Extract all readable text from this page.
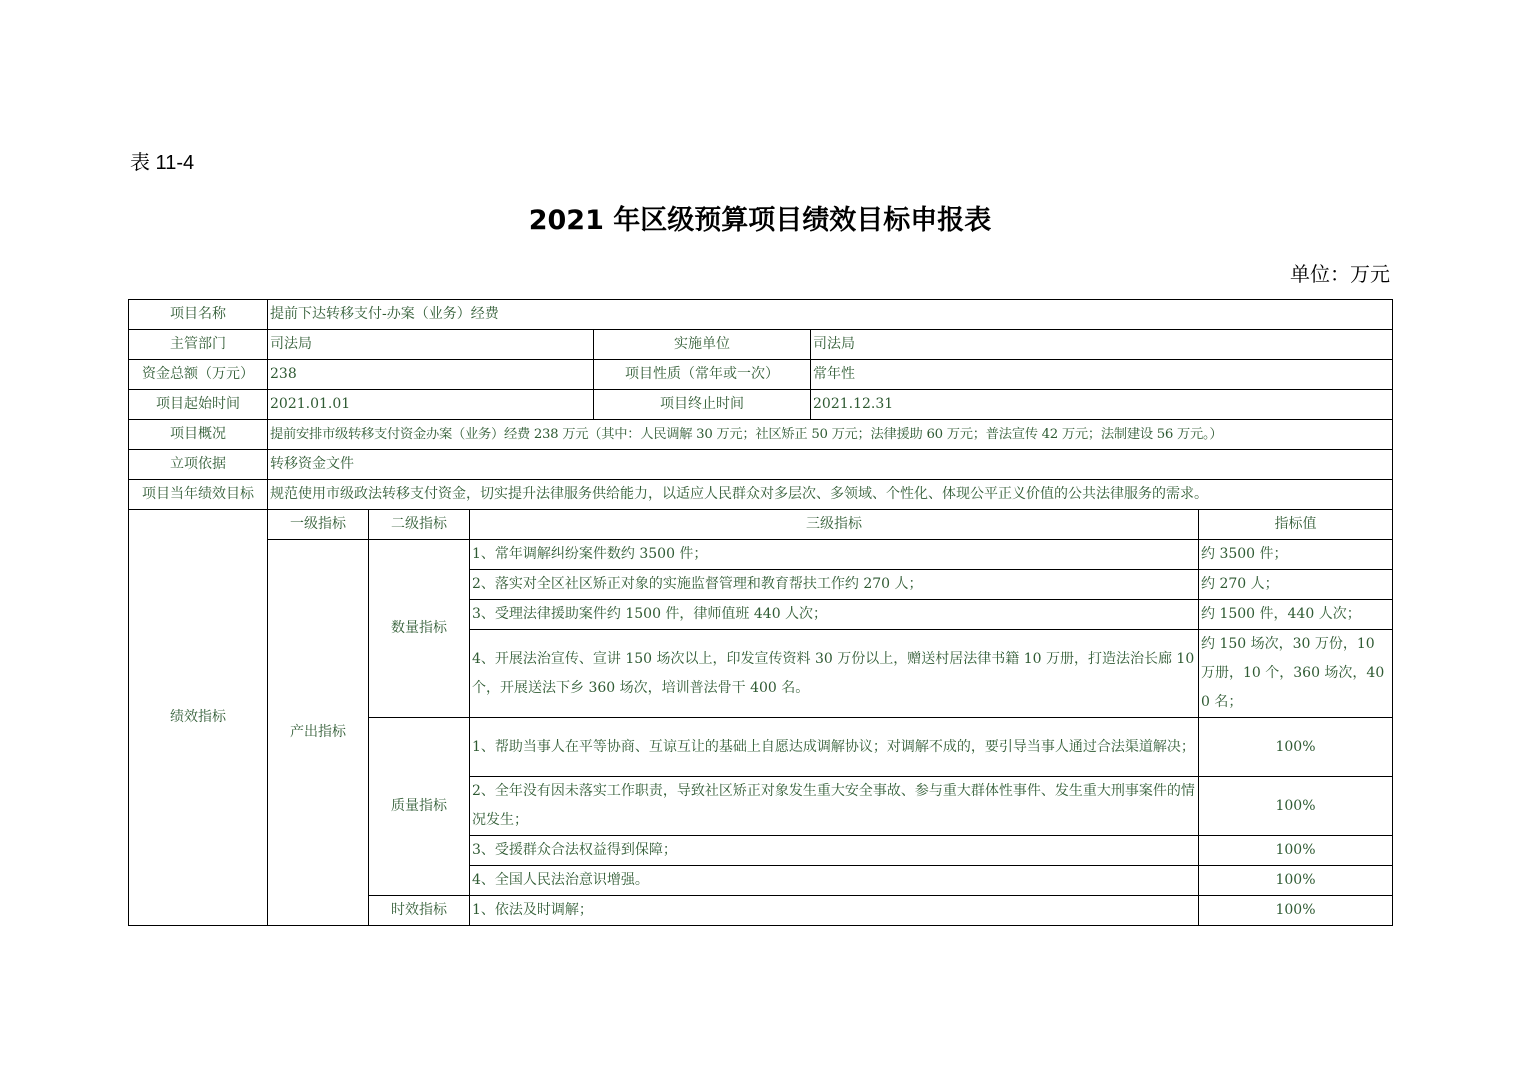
表 11-4
2021 年区级预算项目绩效目标申报表
单位：万元
项目名称	提前下达转移支付-办案（业务）经费					
主管部门	司法局			实施单位	司法局	
资金总额（万元）	238			项目性质（常年或一次）	常年性	
项目起始时间	2021.01.01			项目终止时间	2021.12.31	
项目概况	提前安排市级转移支付资金办案（业务）经费 238 万元（其中：人民调解 30 万元；社区矫正 50 万元；法律援助 60 万元；普法宣传 42 万元；法制建设 56 万元。）					
立项依据	转移资金文件					
项目当年绩效目标	规范使用市级政法转移支付资金，切实提升法律服务供给能力，以适应人民群众对多层次、多领域、个性化、体现公平正义价值的公共法律服务的需求。					
绩效指标	一级指标	二级指标	三级指标			指标值
	产出指标	数量指标	1、常年调解纠纷案件数约 3500 件；			约 3500 件；
			2、落实对全区社区矫正对象的实施监督管理和教育帮扶工作约 270 人；			约 270 人；
			3、受理法律援助案件约 1500 件，律师值班 440 人次；			约 1500 件，440 人次；
			4、开展法治宣传、宣讲 150 场次以上，印发宣传资料 30 万份以上，赠送村居法律书籍 10 万册，打造法治长廊 10 个，开展送法下乡 360 场次，培训普法骨干 400 名。			约 150 场次，30 万份，10 万册，10 个，360 场次，400 名；
		质量指标	1、帮助当事人在平等协商、互谅互让的基础上自愿达成调解协议；对调解不成的，要引导当事人通过合法渠道解决；			100%
			2、全年没有因未落实工作职责，导致社区矫正对象发生重大安全事故、参与重大群体性事件、发生重大刑事案件的情况发生；			100%
			3、受援群众合法权益得到保障；			100%
			4、全国人民法治意识增强。			100%
		时效指标	1、依法及时调解；			100%
